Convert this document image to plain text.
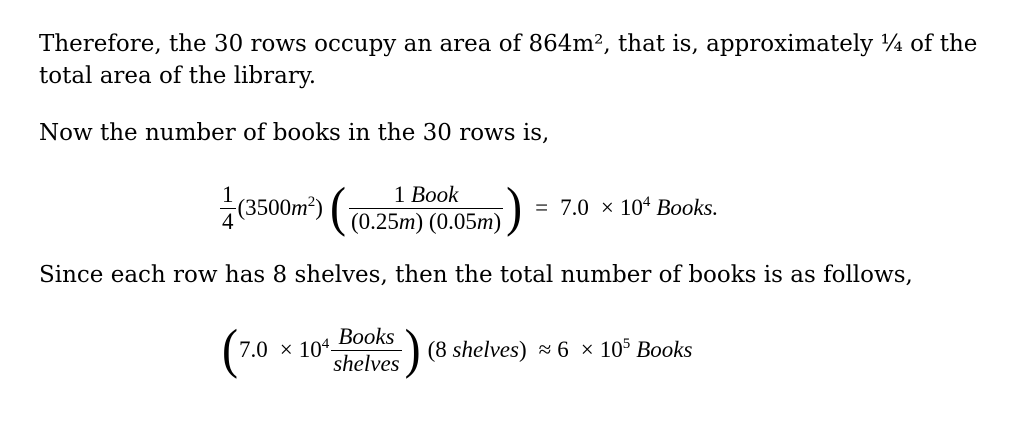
Therefore, the 30 rows occupy an area of 864m², that is, approximately ¼ of the
total area of the library.

Now the number of books in the 30 rows is,

$\frac{1}{4} (3500m^2)$ ( $\frac{\text{1 Book}}{(0.25m) (0.05m)}$ ) = $7.0 \times 10^4$ Books.

Since each row has 8 shelves, then the total number of books is as follows,

( $7.0 \times 10^4 \frac{\text{Books}}{\text{shelves}}$ ) (8 shelves) ≈ $6 \times 10^5$ Books
